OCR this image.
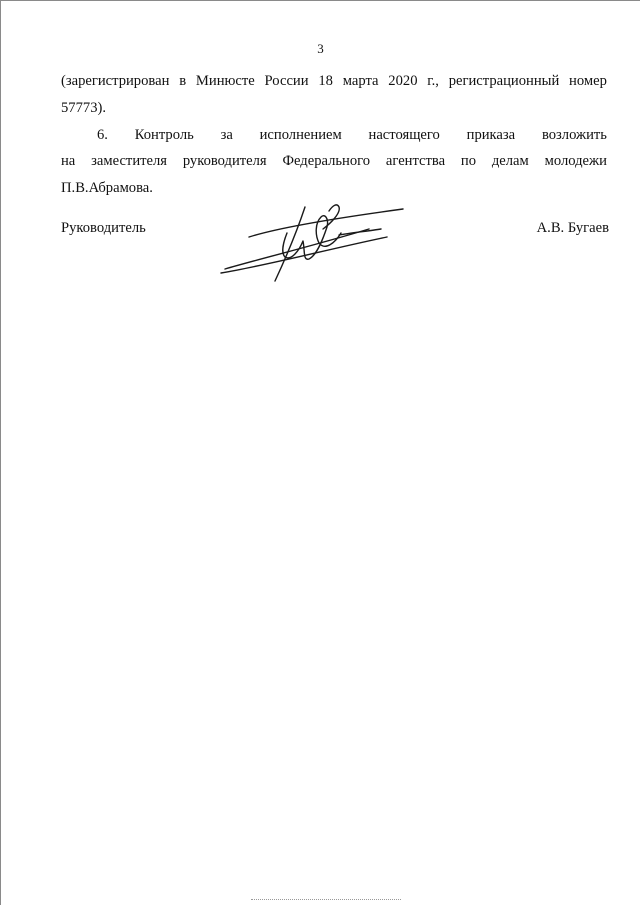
3
(зарегистрирован в Минюсте России 18 марта 2020 г., регистрационный номер
57773).
6. Контроль за исполнением настоящего приказа возложить
на заместителя руководителя Федерального агентства по делам молодежи
П.В.Абрамова.
Руководитель	А.В. Бугаев
